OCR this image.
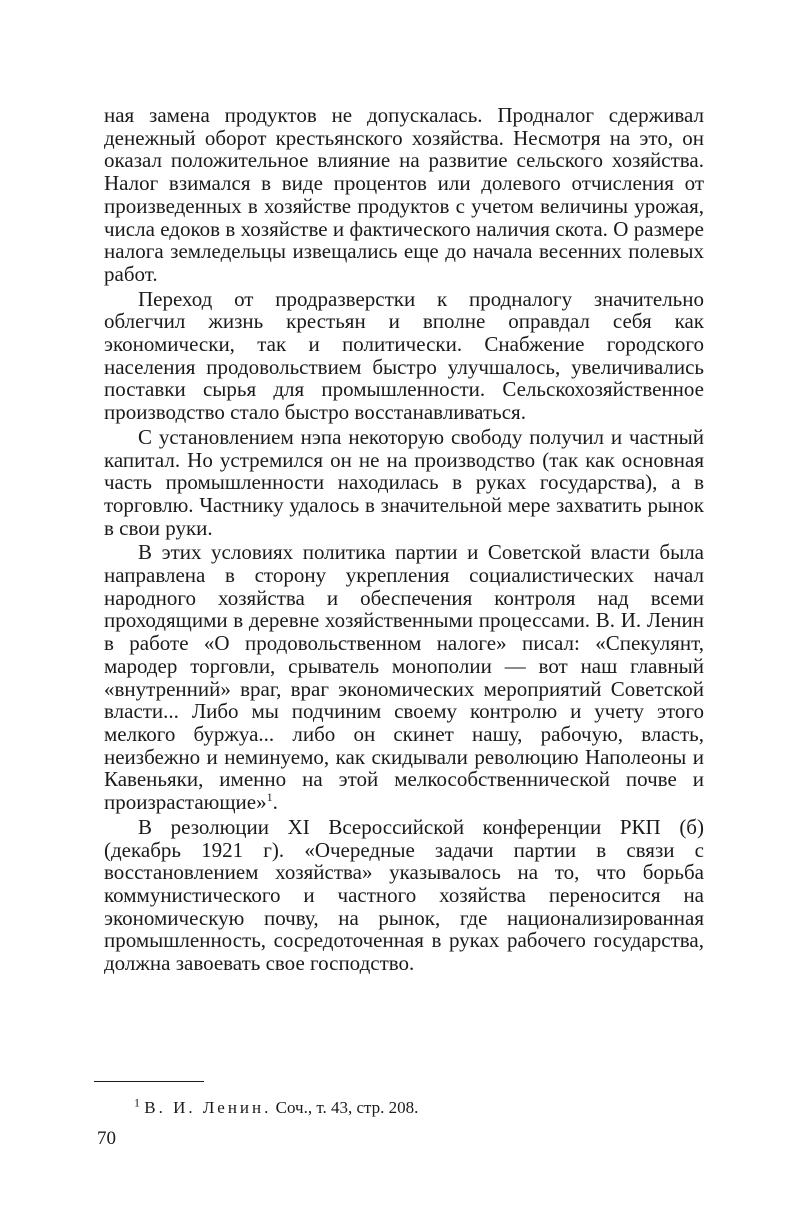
ная замена продуктов не допускалась. Продналог сдерживал денежный оборот крестьянского хозяйства. Несмотря на это, он оказал положительное влияние на развитие сельского хозяйства. Налог взимался в виде процентов или долевого отчисления от произведенных в хозяйстве продуктов с учетом величины урожая, числа едоков в хозяйстве и фактического наличия скота. О размере налога земледельцы извещались еще до начала весенних полевых работ.

Переход от продразверстки к продналогу значительно облегчил жизнь крестьян и вполне оправдал себя как экономически, так и политически. Снабжение городского населения продовольствием быстро улучшалось, увеличивались поставки сырья для промышленности. Сельскохозяйственное производство стало быстро восстанавливаться.

С установлением нэпа некоторую свободу получил и частный капитал. Но устремился он не на производство (так как основная часть промышленности находилась в руках государства), а в торговлю. Частнику удалось в значительной мере захватить рынок в свои руки.

В этих условиях политика партии и Советской власти была направлена в сторону укрепления социалистических начал народного хозяйства и обеспечения контроля над всеми проходящими в деревне хозяйственными процессами. В. И. Ленин в работе «О продовольственном налоге» писал: «Спекулянт, мародер торговли, срыватель монополии — вот наш главный «внутренний» враг, враг экономических мероприятий Советской власти... Либо мы подчиним своему контролю и учету этого мелкого буржуа... либо он скинет нашу, рабочую, власть, неизбежно и неминуемо, как скидывали революцию Наполеоны и Кавеньяки, именно на этой мелкособственнической почве и произрастающие»$^1$.

В резолюции XI Всероссийской конференции РКП (б) (декабрь 1921 г). «Очередные задачи партии в связи с восстановлением хозяйства» указывалось на то, что борьба коммунистического и частного хозяйства переносится на экономическую почву, на рынок, где национализированная промышленность, сосредоточенная в руках рабочего государства, должна завоевать свое господство.

$^1$ В. И. Ленин. Соч., т. 43, стр. 208.
70
